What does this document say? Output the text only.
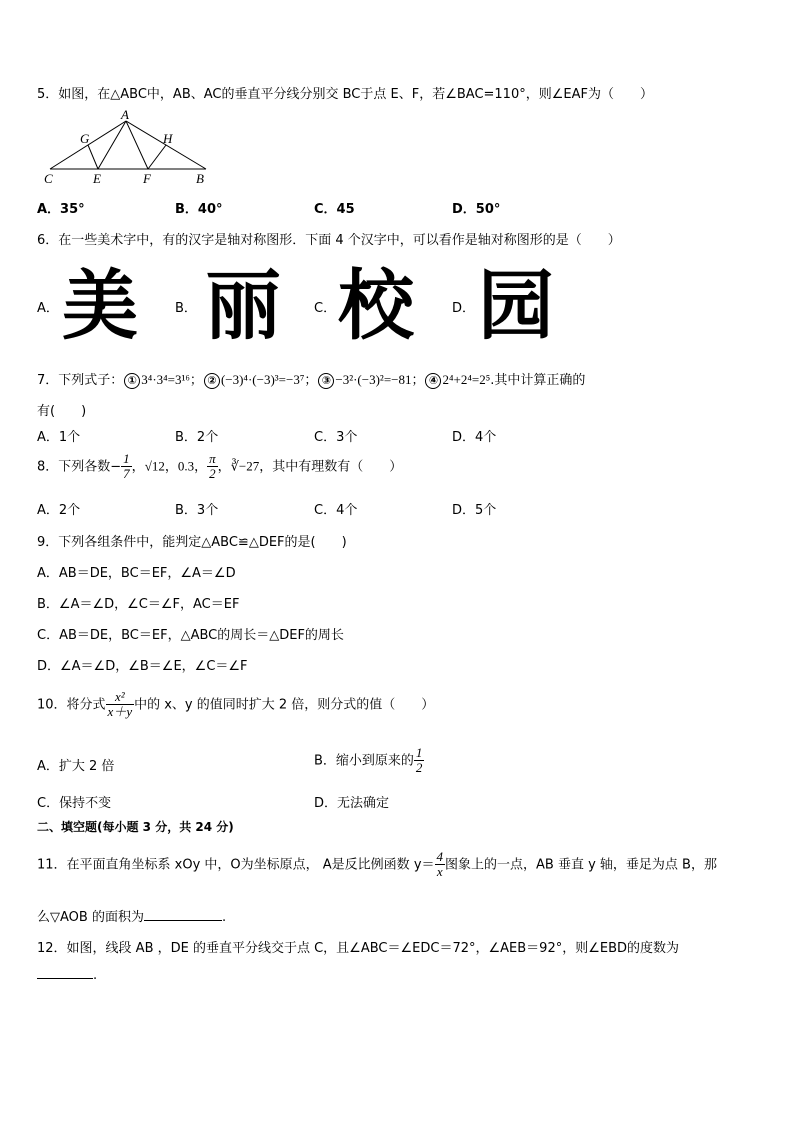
5．如图，在△ABC中，AB、AC的垂直平分线分别交 BC于点 E、F，若∠BAC=110°，则∠EAF为（　　）
A
G	H
C	E	F	B
A．35°	B．40°	C．45	D．50°
6．在一些美术字中，有的汉字是轴对称图形．下面 4 个汉字中，可以看作是轴对称图形的是（　　）
A． 美	B． 丽	C． 校	D． 园
7．下列式子： ① 3⁴·3⁴=3¹⁶； ② (−3)⁴·(−3)³=−3⁷； ③ −3²·(−3)²=−81； ④ 2⁴+2⁴=2⁵.其中计算正确的
有(　　)
A．1个	B．2个	C．3个	D．4个
8．下列各数− $\frac{1}{7}$ ，√12，0.3， $\frac{\pi}{2}$ ，∛−27，其中有理数有（　　）
A．2个	B．3个	C．4个	D．5个
9．下列各组条件中，能判定△ABC≌△DEF的是(　　)
A．AB＝DE，BC＝EF，∠A＝∠D
B．∠A＝∠D，∠C＝∠F，AC＝EF
C．AB＝DE，BC＝EF，△ABC的周长＝△DEF的周长
D．∠A＝∠D，∠B＝∠E，∠C＝∠F
10．将分式 $\frac{\text{x²}}{x+y}$ 中的 x、y 的值同时扩大 2 倍，则分式的值（　　）
A．扩大 2 倍	B．缩小到原来的 $\frac{1}{2}$
C．保持不变	D．无法确定
二、填空题(每小题 3 分，共 24 分)
11．在平面直角坐标系 xOy 中，O为坐标原点， A是反比例函数 $y= \frac{4}{x}$ 图象上的一点，AB 垂直 y 轴，垂足为点 B，那
么▽AOB 的面积为	.
12．如图，线段 AB ，DE 的垂直平分线交于点 C，且∠ABC＝∠EDC＝72°，∠AEB＝92°，则∠EBD的度数为
.
